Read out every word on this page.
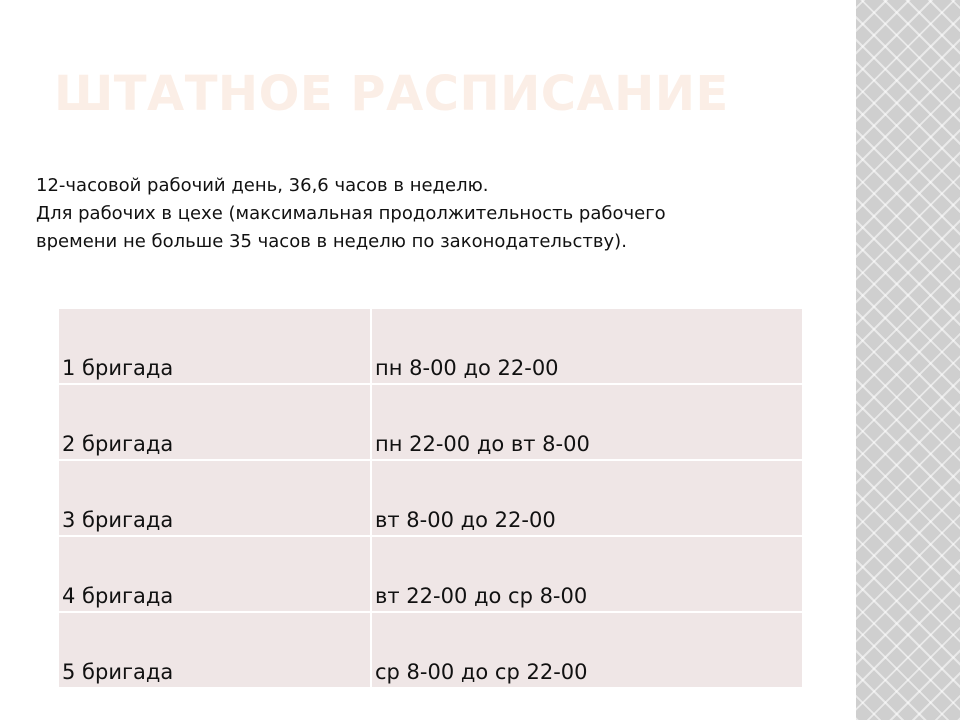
ШТАТНОЕ РАСПИСАНИЕ
12-часовой рабочий день, 36,6 часов в неделю.
Для рабочих в цехе (максимальная продолжительность рабочего
времени не больше 35 часов в неделю по законодательству).
1 бригада	пн 8-00 до 22-00
2 бригада	пн 22-00 до вт 8-00
3 бригада	вт 8-00 до 22-00
4 бригада	вт 22-00 до ср 8-00
5 бригада	ср 8-00 до ср 22-00
